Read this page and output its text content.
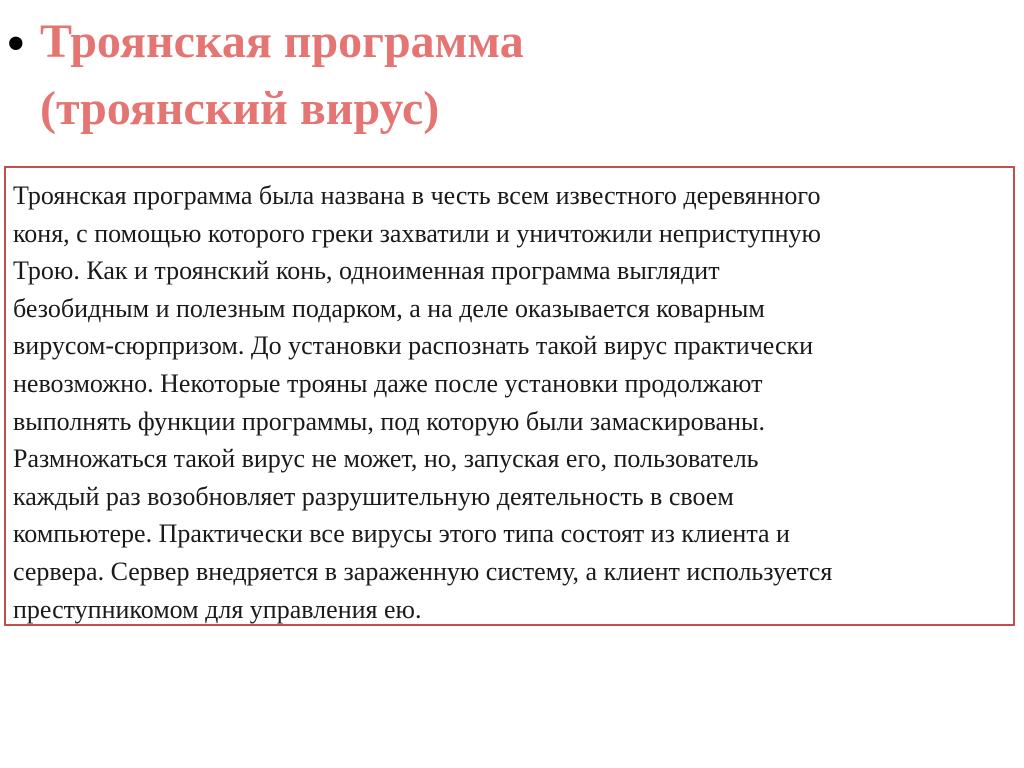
• Троянская программа
(троянский вирус)

Троянская программа была названа в честь всем известного деревянного
коня, с помощью которого греки захватили и уничтожили неприступную
Трою. Как и троянский конь, одноименная программа выглядит
безобидным и полезным подарком, а на деле оказывается коварным
вирусом-сюрпризом. До установки распознать такой вирус практически
невозможно. Некоторые трояны даже после установки продолжают
выполнять функции программы, под которую были замаскированы.
Размножаться такой вирус не может, но, запуская его, пользователь
каждый раз возобновляет разрушительную деятельность в своем
компьютере. Практически все вирусы этого типа состоят из клиента и
сервера. Сервер внедряется в зараженную систему, а клиент используется
преступникомом для управления ею.
